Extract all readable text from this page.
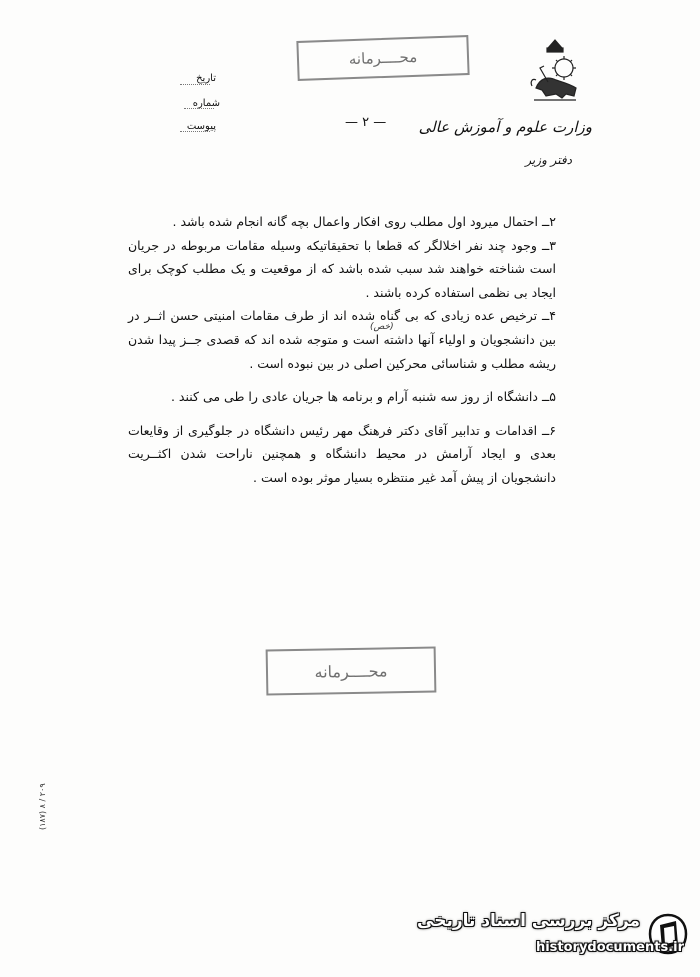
وزارت علوم و آموزش عالی
دفتر وزیر
تاریخ
شماره
پیوست
محــــرمانه
— ۲ —
(خص)

۲ــ احتمال میرود اول مطلب روی افکار واعمال بچه گانه انجام شده باشد .

۳ــ وجود چند نفر اخلالگر که قطعا با تحقیقاتیکه وسیله مقامات مربوطه در جریان است شناخته خواهند شد سبب شده باشد که از موقعیت و یک مطلب کوچک برای ایجاد بی نظمی استفاده کرده باشند .

۴ــ ترخیص عده زیادی که بی گناه شده اند از طرف مقامات امنیتی حسن اثــر در بین دانشجویان و اولیاء آنها داشته است و متوجه شده اند که قصدی جــز پیدا شدن ریشه مطلب و شناسائی محرکین اصلی در بین نبوده است .

۵ــ دانشگاه از روز سه شنبه آرام و برنامه ها جریان عادی را طی می کنند .

۶ــ اقدامات و تدابیر آقای دکتر فرهنگ مهر رئیس دانشگاه در جلوگیری از وقایعات بعدی و ایجاد آرامش در محیط دانشگاه و همچنین ناراحت شدن اکثــریت دانشجویان از پیش آمد غیر منتظره بسیار موثر بوده است .

محــــرمانه
(۱۸۷) ۸ / ۲۰۹
مرکز بررسی اسناد تاریخی
historydocuments.ir
